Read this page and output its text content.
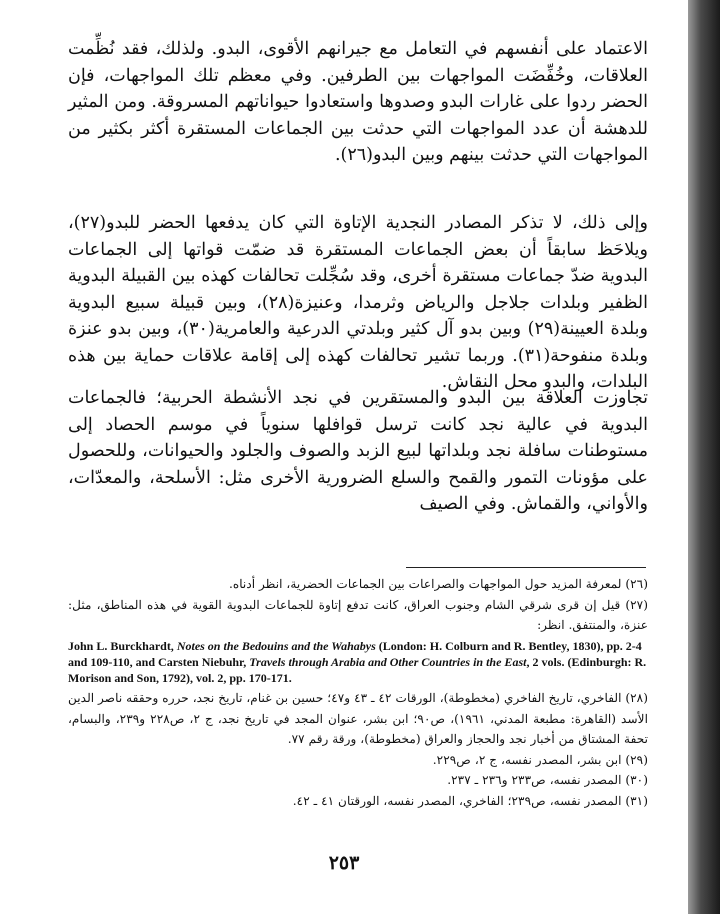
الاعتماد على أنفسهم في التعامل مع جيرانهم الأقوى، البدو. ولذلك، فقد نُظِّمت العلاقات، وخُفِّضَت المواجهات بين الطرفين. وفي معظم تلك المواجهات، فإن الحضر ردوا على غارات البدو وصدوها واستعادوا حيواناتهم المسروقة. ومن المثير للدهشة أن عدد المواجهات التي حدثت بين الجماعات المستقرة أكثر بكثير من المواجهات التي حدثت بينهم وبين البدو(٢٦).
وإلى ذلك، لا تذكر المصادر النجدية الإتاوة التي كان يدفعها الحضر للبدو(٢٧)، ويلاحَظ سابقاً أن بعض الجماعات المستقرة قد ضمّت قواتها إلى الجماعات البدوية ضدّ جماعات مستقرة أخرى، وقد سُجِّلت تحالفات كهذه بين القبيلة البدوية الظفير وبلدات جلاجل والرياض وثرمدا، وعنيزة(٢٨)، وبين قبيلة سبيع البدوية وبلدة العيينة(٢٩) وبين بدو آل كثير وبلدتي الدرعية والعامرية(٣٠)، وبين بدو عنزة وبلدة منفوحة(٣١). وربما تشير تحالفات كهذه إلى إقامة علاقات حماية بين هذه البلدات، والبدو محل النقاش.
تجاوزت العلاقة بين البدو والمستقرين في نجد الأنشطة الحربية؛ فالجماعات البدوية في عالية نجد كانت ترسل قوافلها سنوياً في موسم الحصاد إلى مستوطنات سافلة نجد وبلداتها لبيع الزبد والصوف والجلود والحيوانات، وللحصول على مؤونات التمور والقمح والسلع الضرورية الأخرى مثل: الأسلحة، والمعدّات، والأواني، والقماش. وفي الصيف
(٢٦) لمعرفة المزيد حول المواجهات والصراعات بين الجماعات الحضرية، انظر أدناه.
(٢٧) قيل إن قرى شرقي الشام وجنوب العراق، كانت تدفع إتاوة للجماعات البدوية القوية في هذه المناطق، مثل: عنزة، والمنتفق. انظر:
John L. Burckhardt, Notes on the Bedouins and the Wahabys (London: H. Colburn and R. Bentley, 1830), pp. 2-4 and 109-110, and Carsten Niebuhr, Travels through Arabia and Other Countries in the East, 2 vols. (Edinburgh: R. Morison and Son, 1792), vol. 2, pp. 170-171.
(٢٨) الفاخري، تاريخ الفاخري (مخطوطة)، الورقات ٤٢ ـ ٤٣ و٤٧؛ حسين بن غنام، تاريخ نجد، حرره وحققه ناصر الدين الأسد (القاهرة: مطبعة المدني، ١٩٦١)، ص٩٠؛ ابن بشر، عنوان المجد في تاريخ نجد، ج ٢، ص٢٢٨ و٢٣٩، والبسام، تحفة المشتاق من أخبار نجد والحجاز والعراق (مخطوطة)، ورقة رقم ٧٧.
(٢٩) ابن بشر، المصدر نفسه، ج ٢، ص٢٢٩.
(٣٠) المصدر نفسه، ص٢٣٣ و٢٣٦ ـ ٢٣٧.
(٣١) المصدر نفسه، ص٢٣٩؛ الفاخري، المصدر نفسه، الورقتان ٤١ ـ ٤٢.
٢٥٣
